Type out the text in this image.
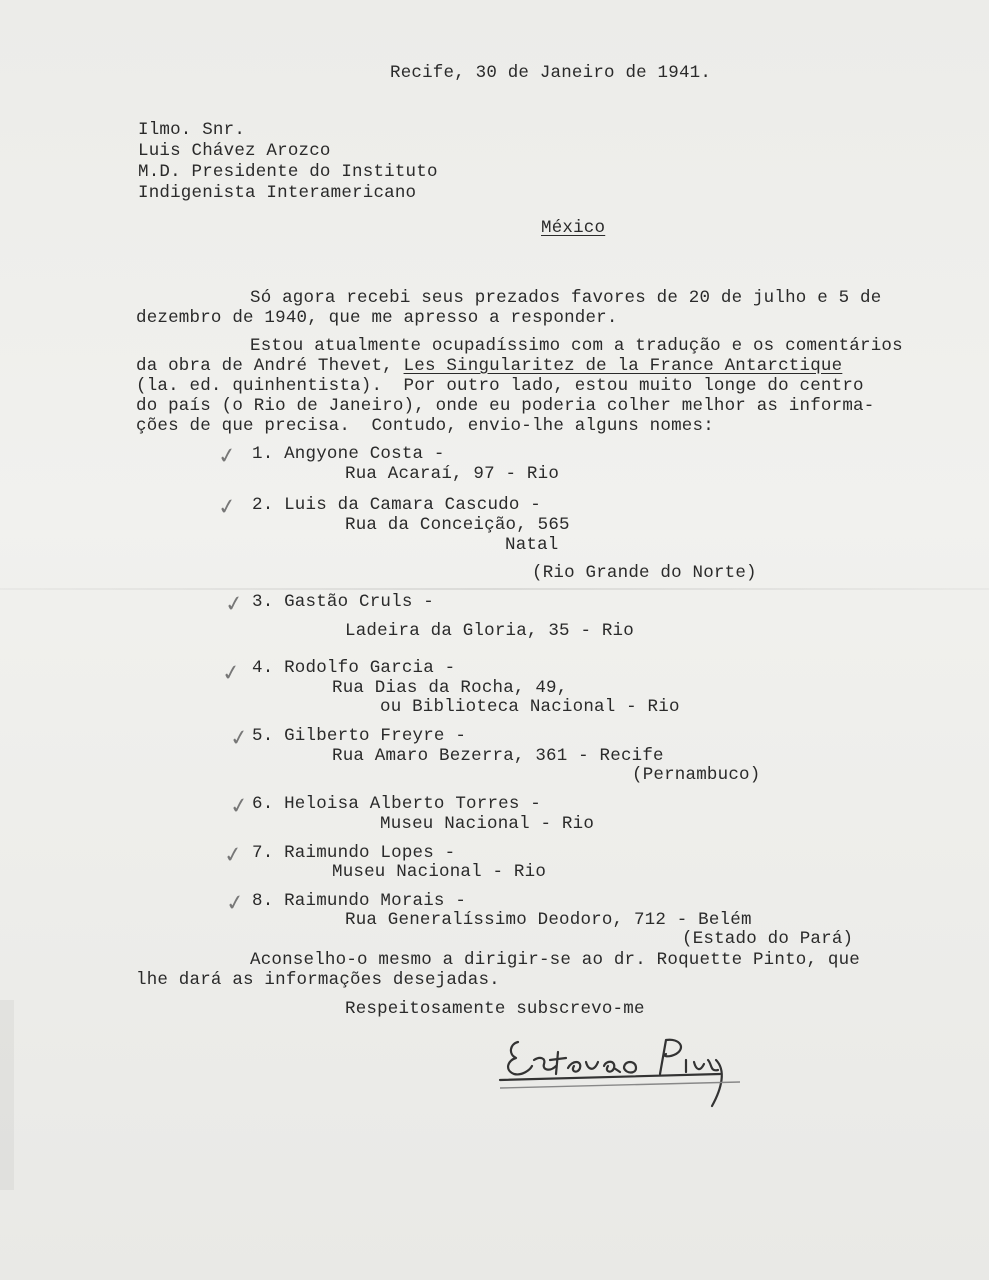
Recife, 30 de Janeiro de 1941.
Ilmo. Snr.
Luis Chávez Arozco
M.D. Presidente do Instituto
Indigenista Interamericano
México
Só agora recebi seus prezados favores de 20 de julho e 5 de
dezembro de 1940, que me apresso a responder.
Estou atualmente ocupadíssimo com a tradução e os comentários
da obra de André Thevet, Les Singularitez de la France Antarctique
(la. ed. quinhentista).  Por outro lado, estou muito longe do centro
do país (o Rio de Janeiro), onde eu poderia colher melhor as informa-
ções de que precisa.  Contudo, envio-lhe alguns nomes:
✓ 1. Angyone Costa -
Rua Acaraí, 97 - Rio
✓ 2. Luis da Camara Cascudo -
Rua da Conceição, 565
Natal
(Rio Grande do Norte)
✓ 3. Gastão Cruls -
Ladeira da Gloria, 35 - Rio
✓ 4. Rodolfo Garcia -
Rua Dias da Rocha, 49,
ou Biblioteca Nacional - Rio
✓ 5. Gilberto Freyre -
Rua Amaro Bezerra, 361 - Recife
(Pernambuco)
✓ 6. Heloisa Alberto Torres -
Museu Nacional - Rio
✓ 7. Raimundo Lopes -
Museu Nacional - Rio
✓ 8. Raimundo Morais -
Rua Generalíssimo Deodoro, 712 - Belém
(Estado do Pará)
Aconselho-o mesmo a dirigir-se ao dr. Roquette Pinto, que
lhe dará as informações desejadas.
Respeitosamente subscrevo-me
